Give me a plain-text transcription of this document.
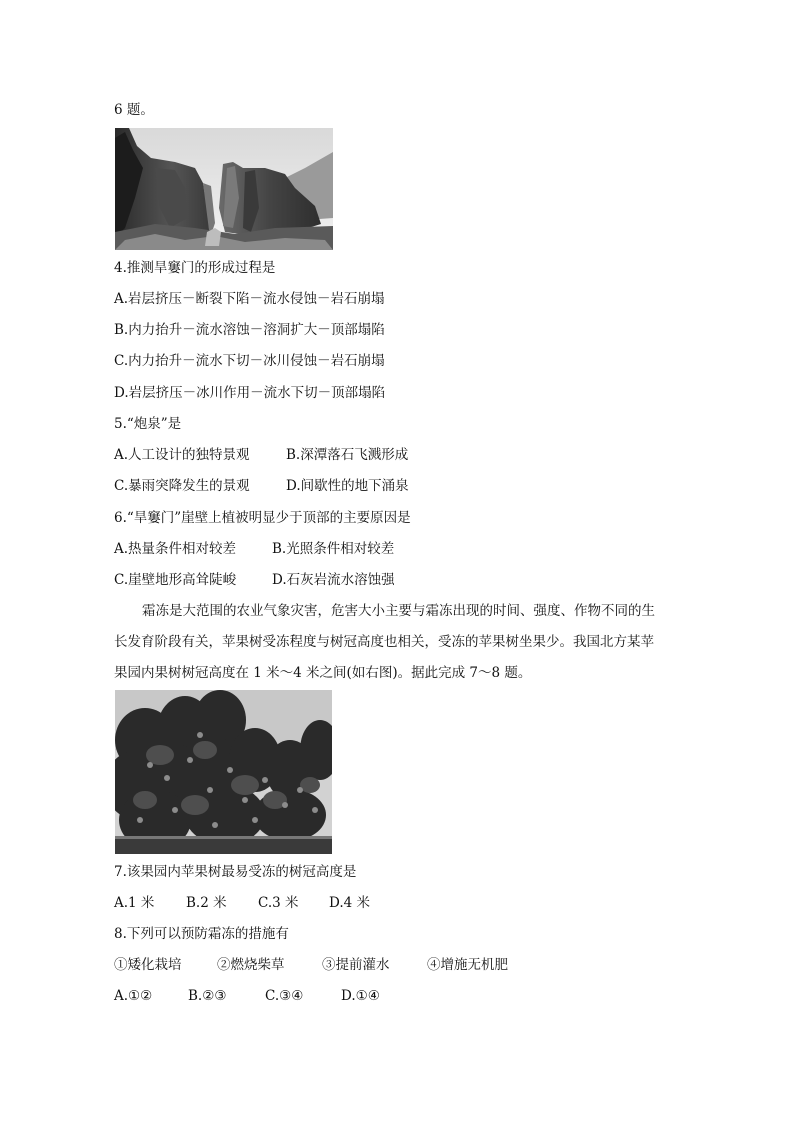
6 题。
4.推测旱窶门的形成过程是
A.岩层挤压－断裂下陷－流水侵蚀－岩石崩塌
B.内力抬升－流水溶蚀－溶洞扩大－顶部塌陷
C.内力抬升－流水下切－冰川侵蚀－岩石崩塌
D.岩层挤压－冰川作用－流水下切－顶部塌陷
5.“炮泉”是
A.人工设计的独特景观	B.深潭落石飞溅形成
C.暴雨突降发生的景观	D.间歇性的地下涌泉
6.“旱窶门”崖壁上植被明显少于顶部的主要原因是
A.热量条件相对较差	B.光照条件相对较差
C.崖壁地形高耸陡峻	D.石灰岩流水溶蚀强
霜冻是大范围的农业气象灾害，危害大小主要与霜冻出现的时间、强度、作物不同的生
长发育阶段有关，苹果树受冻程度与树冠高度也相关，受冻的苹果树坐果少。我国北方某苹
果园内果树树冠高度在 1 米～4 米之间(如右图)。据此完成 7～8 题。
7.该果园内苹果树最易受冻的树冠高度是
A.1 米 B.2 米 C.3 米 D.4 米
8.下列可以预防霜冻的措施有
①矮化栽培	②燃烧柴草	③提前灌水	④增施无机肥
A.①②	B.②③	C.③④	D.①④
